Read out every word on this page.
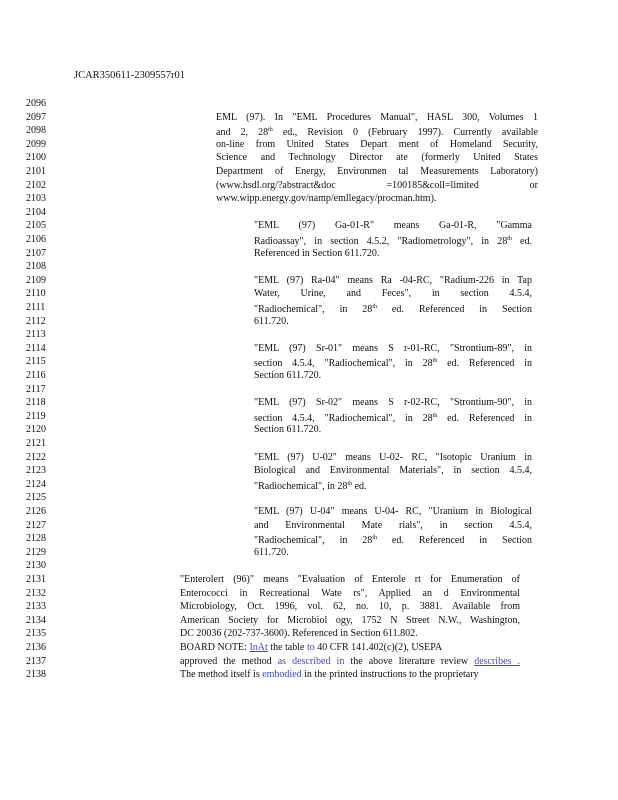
JCAR350611-2309557r01
2096
2097
2098
2099
2100
2101
2102
2103
2104
2105
2106
2107
2108
2109
2110
2111
2112
2113
2114
2115
2116
2117
2118
2119
2120
2121
2122
2123
2124
2125
2126
2127
2128
2129
2130
2131
2132
2133
2134
2135
2136
2137
2138
EML (97). In "EML Procedures Manual", HASL 300, Volumes 1
and 2, 28th ed., Revision 0 (February 1997). Currently available
on-line from United States Depart ment of Homeland Security,
Science and Technology Director ate (formerly United States
Department of Energy, Environmen tal Measurements Laboratory)
(www.hsdl.org/?abstract&doc =100185&coll=limited or
www.wipp.energy.gov/namp/emllegacy/procman.htm).
"EML (97) Ga-01-R" means Ga-01-R, "Gamma
Radioassay", in section 4.5.2, "Radiometrology", in 28th ed.
Referenced in Section 611.720.
"EML (97) Ra-04" means Ra -04-RC, "Radium-226 in Tap
Water, Urine, and Feces", in section 4.5.4,
"Radiochemical", in 28th ed. Referenced in Section
611.720.
"EML (97) Sr-01" means S r-01-RC, "Strontium-89", in
section 4.5.4, "Radiochemical", in 28th ed. Referenced in
Section 611.720.
"EML (97) Sr-02" means S r-02-RC, "Strontium-90", in
section 4.5.4, "Radiochemical", in 28th ed. Referenced in
Section 611.720.
"EML (97) U-02" means U-02- RC, "Isotopic Uranium in
Biological and Environmental Materials", in section 4.5.4,
"Radiochemical", in 28th ed.
"EML (97) U-04" means U-04- RC, "Uranium in Biological
and Environmental Mate rials", in section 4.5.4,
"Radiochemical", in 28th ed. Referenced in Section
611.720.
"Enterolert (96)" means "Evaluation of Enterole rt for Enumeration of
Enterococci in Recreational Wate rs", Applied an d Environmental
Microbiology, Oct. 1996, vol. 62, no. 10, p. 3881. Available from
American Society for Microbiol ogy, 1752 N Street N.W., Washington,
DC 20036 (202-737-3600). Referenced in Section 611.802.
BOARD NOTE: InAt the table to 40 CFR 141.402(c)(2), USEPA
approved the method as described in the above literature review describes .
The method itself is embodied in the printed instructions to the proprietary
